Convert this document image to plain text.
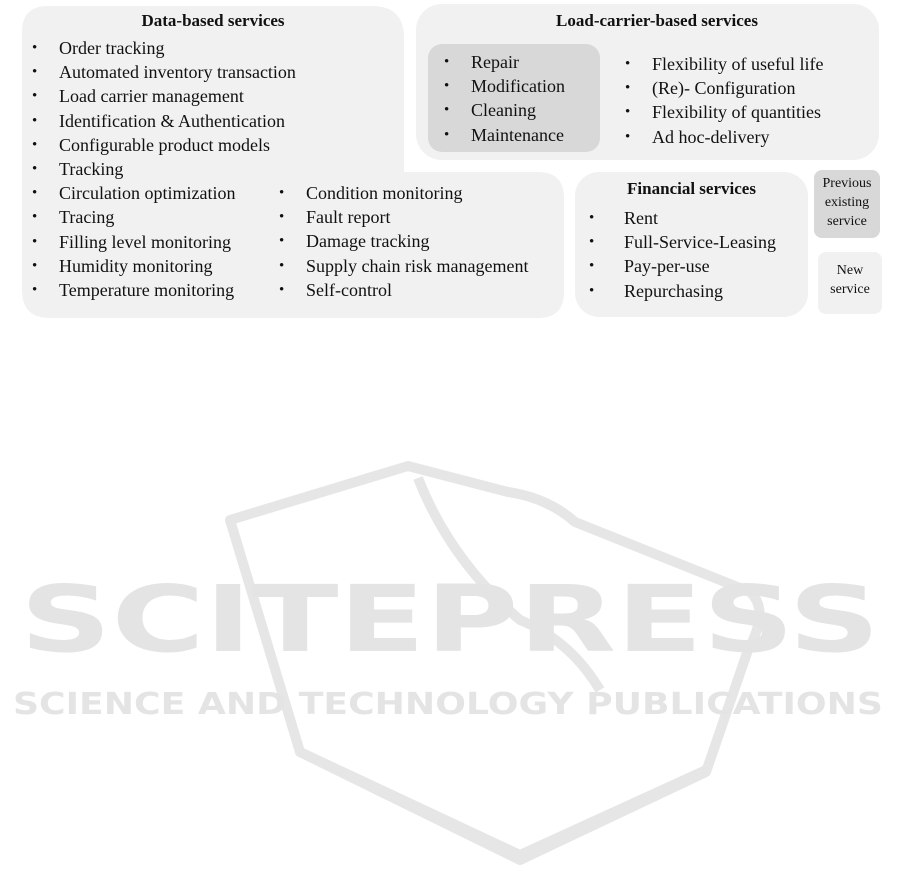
Data-based services
• Order tracking
• Automated inventory transaction
• Load carrier management
• Identification & Authentication
• Configurable product models
• Tracking
• Circulation optimization
• Tracing
• Filling level monitoring
• Humidity monitoring
• Temperature monitoring
• Condition monitoring
• Fault report
• Damage tracking
• Supply chain risk management
• Self-control
Load-carrier-based services
• Repair
• Modification
• Cleaning
• Maintenance
• Flexibility of useful life
• (Re)- Configuration
• Flexibility of quantities
• Ad hoc-delivery
Financial services
• Rent
• Full-Service-Leasing
• Pay-per-use
• Repurchasing
Previous existing service
New service
SCITEPRESS
SCIENCE AND TECHNOLOGY PUBLICATIONS
